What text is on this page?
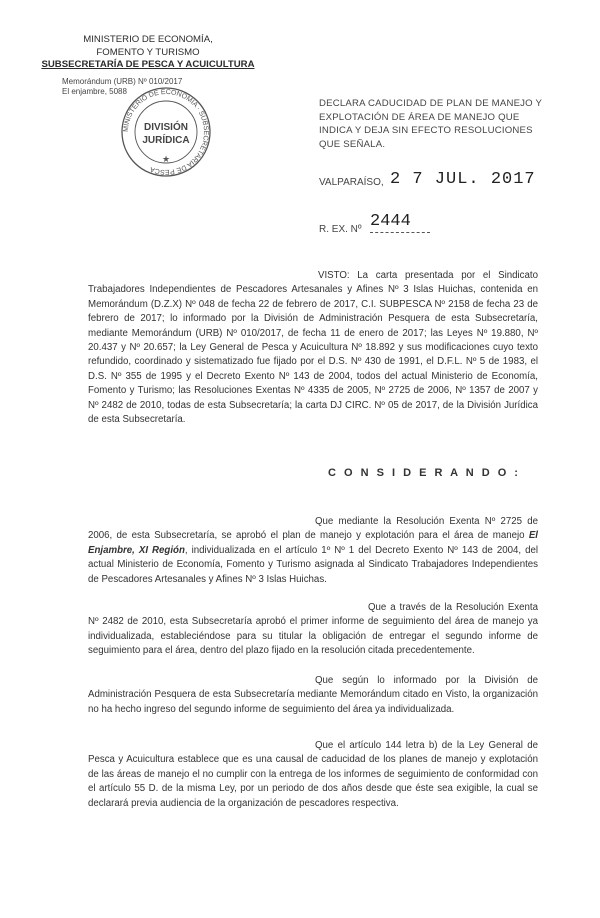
MINISTERIO DE ECONOMÍA,
FOMENTO Y TURISMO
SUBSECRETARÍA DE PESCA Y ACUICULTURA
Memorándum (URB) Nº 010/2017
El enjambre, 5088
MINISTERIO DE ECONOMÍA · SUBSECRETARÍA DE PESCA
DIVISIÓN
JURÍDICA
★
DECLARA CADUCIDAD DE PLAN DE MANEJO Y EXPLOTACIÓN DE ÁREA DE MANEJO QUE INDICA Y DEJA SIN EFECTO RESOLUCIONES QUE SEÑALA.
VALPARAÍSO, 2 7 JUL. 2017
R. EX. Nº 2444
VISTO: La carta presentada por el Sindicato Trabajadores Independientes de Pescadores Artesanales y Afines Nº 3 Islas Huichas, contenida en Memorándum (D.Z.X) Nº 048 de fecha 22 de febrero de 2017, C.I. SUBPESCA Nº 2158 de fecha 23 de febrero de 2017; lo informado por la División de Administración Pesquera de esta Subsecretaría, mediante Memorándum (URB) Nº 010/2017, de fecha 11 de enero de 2017; las Leyes Nº 19.880, Nº 20.437 y Nº 20.657; la Ley General de Pesca y Acuicultura Nº 18.892 y sus modificaciones cuyo texto refundido, coordinado y sistematizado fue fijado por el D.S. Nº 430 de 1991, el D.F.L. Nº 5 de 1983, el D.S. Nº 355 de 1995 y el Decreto Exento Nº 143 de 2004, todos del actual Ministerio de Economía, Fomento y Turismo; las Resoluciones Exentas Nº 4335 de 2005, Nº 2725 de 2006, Nº 1357 de 2007 y Nº 2482 de 2010, todas de esta Subsecretaría; la carta DJ CIRC. Nº 05 de 2017, de la División Jurídica de esta Subsecretaría.
C O N S I D E R A N D O :
Que mediante la Resolución Exenta Nº 2725 de 2006, de esta Subsecretaría, se aprobó el plan de manejo y explotación para el área de manejo El Enjambre, XI Región, individualizada en el artículo 1º Nº 1 del Decreto Exento Nº 143 de 2004, del actual Ministerio de Economía, Fomento y Turismo asignada al Sindicato Trabajadores Independientes de Pescadores Artesanales y Afines Nº 3 Islas Huichas.
Que a través de la Resolución Exenta Nº 2482 de 2010, esta Subsecretaría aprobó el primer informe de seguimiento del área de manejo ya individualizada, estableciéndose para su titular la obligación de entregar el segundo informe de seguimiento para el área, dentro del plazo fijado en la resolución citada precedentemente.
Que según lo informado por la División de Administración Pesquera de esta Subsecretaría mediante Memorándum citado en Visto, la organización no ha hecho ingreso del segundo informe de seguimiento del área ya individualizada.
Que el artículo 144 letra b) de la Ley General de Pesca y Acuicultura establece que es una causal de caducidad de los planes de manejo y explotación de las áreas de manejo el no cumplir con la entrega de los informes de seguimiento de conformidad con el artículo 55 D. de la misma Ley, por un periodo de dos años desde que éste sea exigible, la cual se declarará previa audiencia de la organización de pescadores respectiva.
